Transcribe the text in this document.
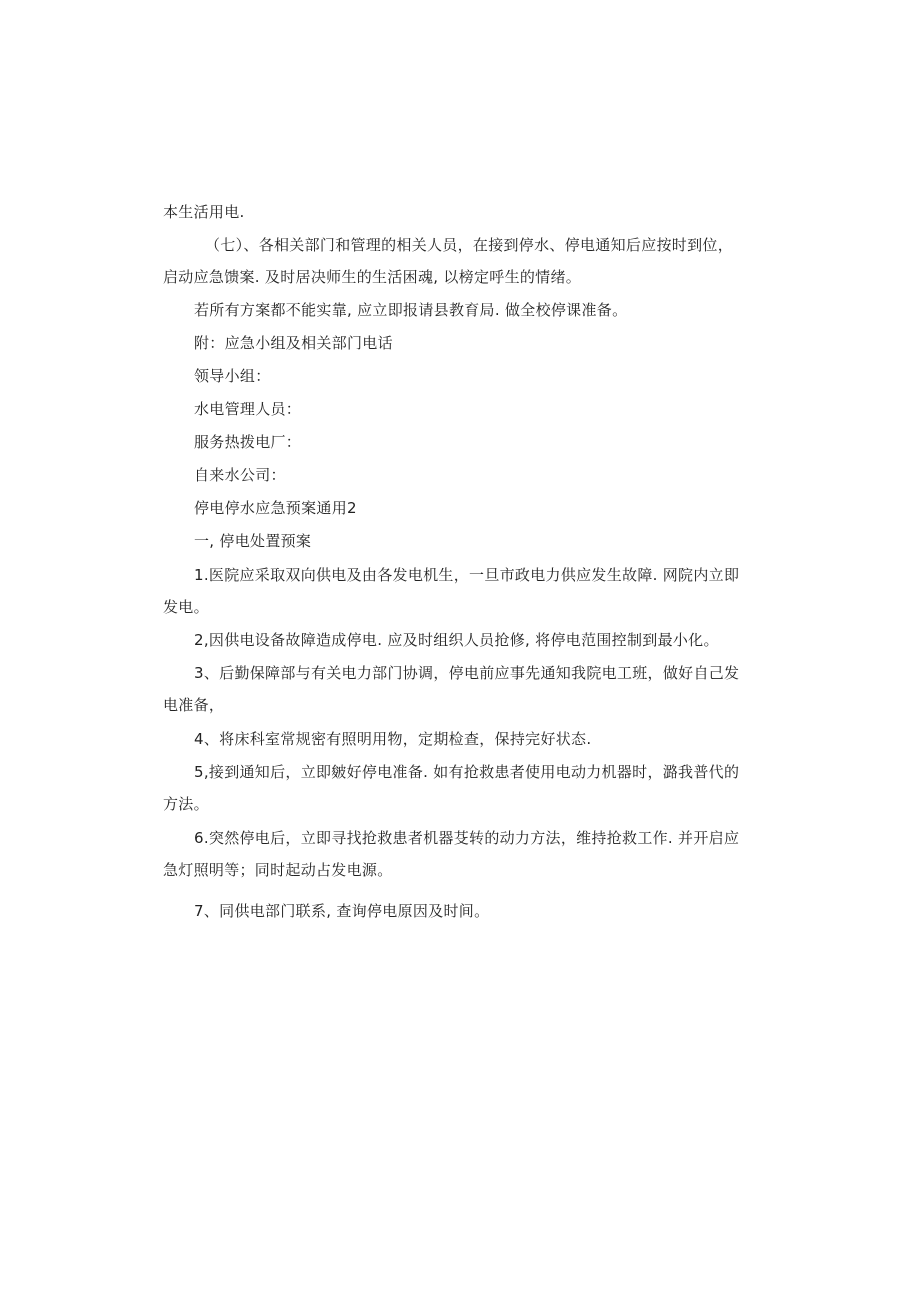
本生活用电.
（七）、各相关部门和管理的相关人员，在接到停水、停电通知后应按时到位，
启动应急馈案. 及时居决师生的生活困魂, 以榜定呼生的情绪。
若所有方案都不能实靠, 应立即报请县教育局. 做全校停课准备。
附：应急小组及相关部门电话
领导小组：
水电管理人员：
服务热拨电厂：
自来水公司：
停电停水应急预案通用2
一, 停电处置预案
1.医院应采取双向供电及由各发电机生，一旦市政电力供应发生故障. 网院内立即
发电。
2,因供电设备故障造成停电. 应及时组织人员抢修, 将停电范围控制到最小化。
3、后勤保障部与有关电力部门协调，停电前应事先通知我院电工班，做好自己发
电准备，
4、将床科室常规密有照明用物，定期检查，保持完好状态.
5,接到通知后，立即皴好停电准备. 如有抢救患者使用电动力机器时，潞我普代的
方法。
6.突然停电后，立即寻找抢救患者机器芟转的动力方法，维持抢救工作. 并开启应
急灯照明等；同时起动占发电源。
7、同供电部门联系, 查询停电原因及时间。
